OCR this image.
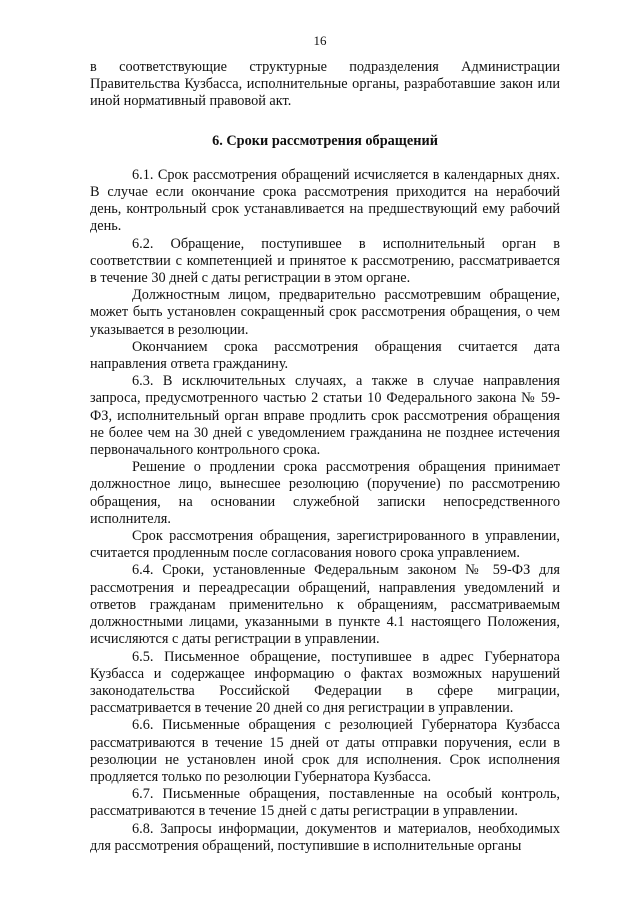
16

в соответствующие структурные подразделения Администрации Правительства Кузбасса, исполнительные органы, разработавшие закон или иной нормативный правовой акт.

6. Сроки рассмотрения обращений

6.1. Срок рассмотрения обращений исчисляется в календарных днях. В случае если окончание срока рассмотрения приходится на нерабочий день, контрольный срок устанавливается на предшествующий ему рабочий день.

6.2. Обращение, поступившее в исполнительный орган в соответствии с компетенцией и принятое к рассмотрению, рассматривается в течение 30 дней с даты регистрации в этом органе.

Должностным лицом, предварительно рассмотревшим обращение, может быть установлен сокращенный срок рассмотрения обращения, о чем указывается в резолюции.

Окончанием срока рассмотрения обращения считается дата направления ответа гражданину.

6.3. В исключительных случаях, а также в случае направления запроса, предусмотренного частью 2 статьи 10 Федерального закона № 59-ФЗ, исполнительный орган вправе продлить срок рассмотрения обращения не более чем на 30 дней с уведомлением гражданина не позднее истечения первоначального контрольного срока.

Решение о продлении срока рассмотрения обращения принимает должностное лицо, вынесшее резолюцию (поручение) по рассмотрению обращения, на основании служебной записки непосредственного исполнителя.

Срок рассмотрения обращения, зарегистрированного в управлении, считается продленным после согласования нового срока управлением.

6.4. Сроки, установленные Федеральным законом № 59-ФЗ для рассмотрения и переадресации обращений, направления уведомлений и ответов гражданам применительно к обращениям, рассматриваемым должностными лицами, указанными в пункте 4.1 настоящего Положения, исчисляются с даты регистрации в управлении.

6.5. Письменное обращение, поступившее в адрес Губернатора Кузбасса и содержащее информацию о фактах возможных нарушений законодательства Российской Федерации в сфере миграции, рассматривается в течение 20 дней со дня регистрации в управлении.

6.6. Письменные обращения с резолюцией Губернатора Кузбасса рассматриваются в течение 15 дней от даты отправки поручения, если в резолюции не установлен иной срок для исполнения. Срок исполнения продляется только по резолюции Губернатора Кузбасса.

6.7. Письменные обращения, поставленные на особый контроль, рассматриваются в течение 15 дней с даты регистрации в управлении.

6.8. Запросы информации, документов и материалов, необходимых для рассмотрения обращений, поступившие в исполнительные органы
